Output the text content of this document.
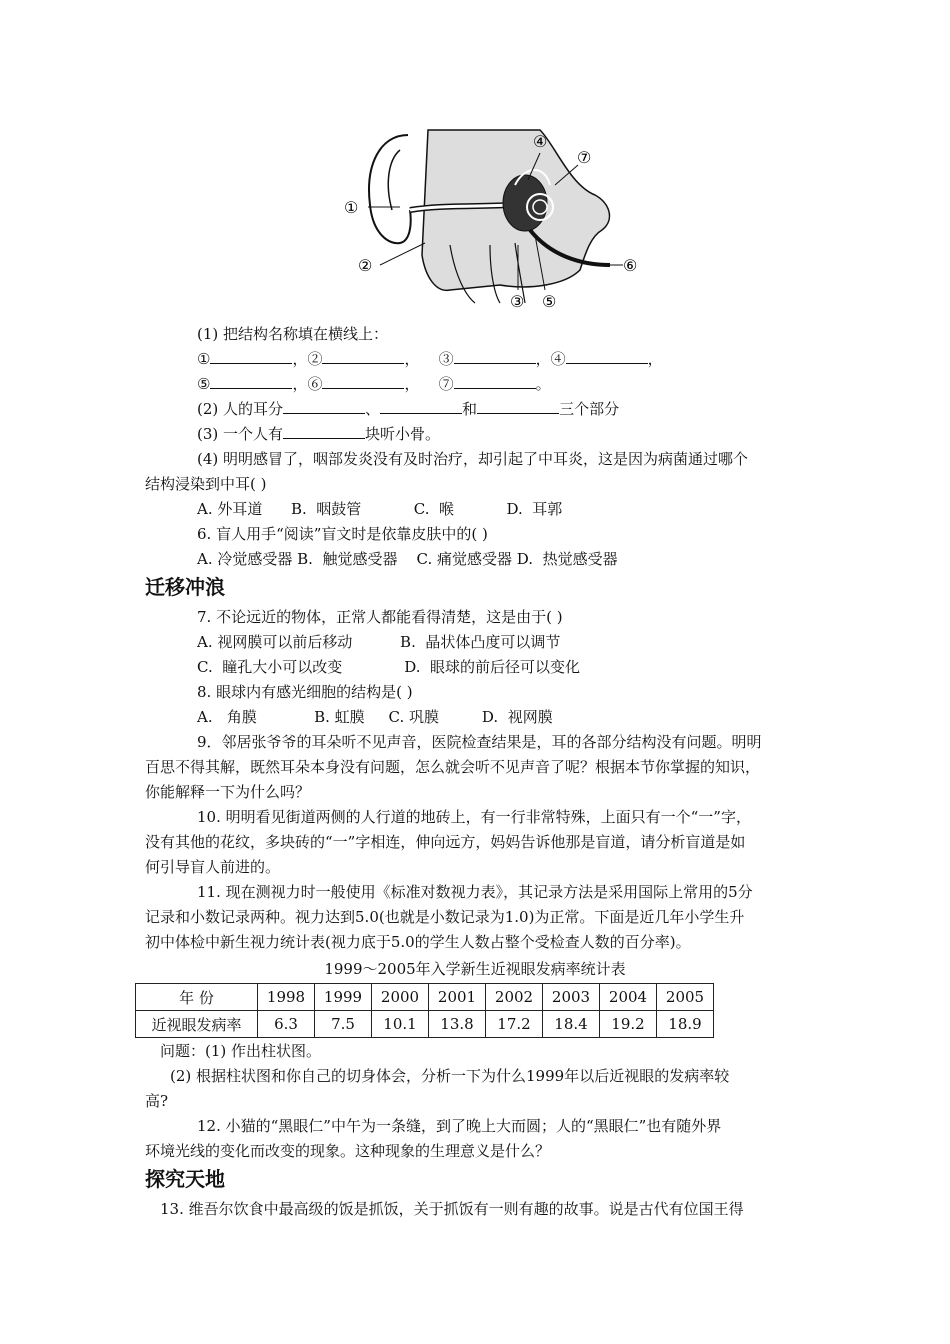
①
②
③
④
⑤
⑥
⑦
(1) 把结构名称填在横线上：
①	，②	， ③	，④	，
⑤	，⑥	， ⑦	。
(2) 人的耳分	、	和	三个部分
(3) 一个人有	块听小骨。
(4) 明明感冒了，咽部发炎没有及时治疗，却引起了中耳炎，这是因为病菌通过哪个
结构浸染到中耳( )
A. 外耳道      B.  咽鼓管           C.  喉           D.  耳郭
6. 盲人用手“阅读”盲文时是依靠皮肤中的( )
A. 冷觉感受器 B.  触觉感受器    C. 痛觉感受器 D.  热觉感受器
迁移冲浪
7. 不论远近的物体，正常人都能看得清楚，这是由于( )
A. 视网膜可以前后移动          B.  晶状体凸度可以调节
C.  瞳孔大小可以改变             D.  眼球的前后径可以变化
8. 眼球内有感光细胞的结构是( )
A.   角膜            B. 虹膜     C. 巩膜         D.  视网膜
9．邻居张爷爷的耳朵听不见声音，医院检查结果是，耳的各部分结构没有问题。明明
百思不得其解，既然耳朵本身没有问题，怎么就会听不见声音了呢？根据本节你掌握的知识，
你能解释一下为什么吗？
10. 明明看见街道两侧的人行道的地砖上，有一行非常特殊，上面只有一个“一”字，
没有其他的花纹，多块砖的“一”字相连，伸向远方，妈妈告诉他那是盲道，请分析盲道是如
何引导盲人前进的。
11. 现在测视力时一般使用《标准对数视力表》，其记录方法是采用国际上常用的5分
记录和小数记录两种。视力达到5.0(也就是小数记录为1.0)为正常。下面是近几年小学生升
初中体检中新生视力统计表(视力底于5.0的学生人数占整个受检查人数的百分率)。
1999～2005年入学新生近视眼发病率统计表
年 份	1998	1999	2000	2001	2002	2003	2004	2005
近视眼发病率	6.3	7.5	10.1	13.8	17.2	18.4	19.2	18.9
问题：(1) 作出柱状图。
(2) 根据柱状图和你自己的切身体会，分析一下为什么1999年以后近视眼的发病率较
高?
12. 小猫的“黑眼仁”中午为一条缝，到了晚上大而圆；人的“黑眼仁”也有随外界
环境光线的变化而改变的现象。这种现象的生理意义是什么？
探究天地
13. 维吾尔饮食中最高级的饭是抓饭，关于抓饭有一则有趣的故事。说是古代有位国王得
